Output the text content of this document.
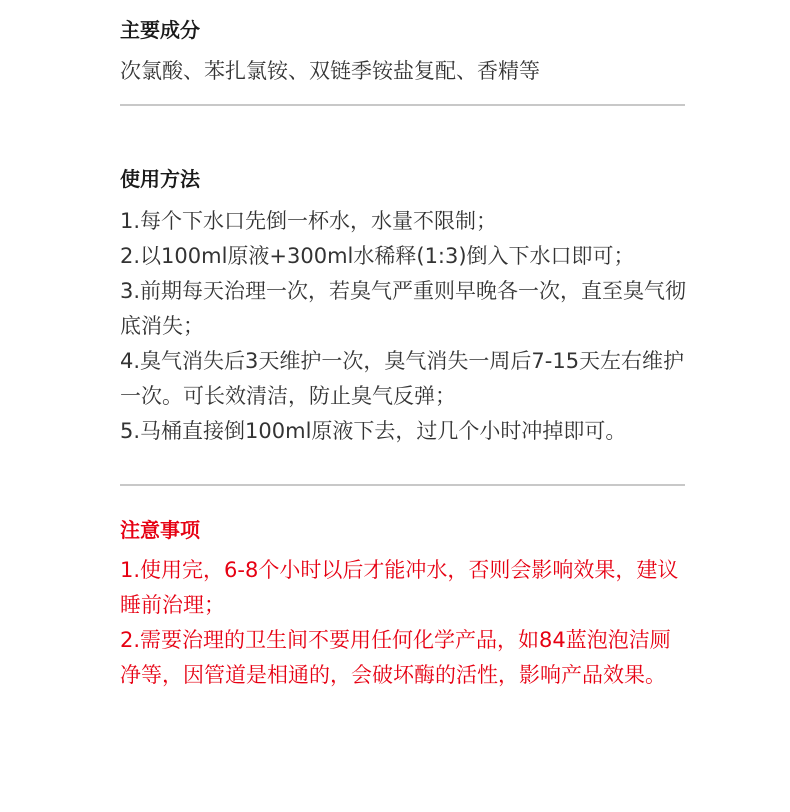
主要成分

次氯酸、苯扎氯铵、双链季铵盐复配、香精等

使用方法
1.每个下水口先倒一杯水，水量不限制；
2.以100ml原液+300ml水稀释(1:3)倒入下水口即可；
3.前期每天治理一次，若臭气严重则早晚各一次，直至臭气彻底消失；
4.臭气消失后3天维护一次，臭气消失一周后7-15天左右维护一次。可长效清洁，防止臭气反弹；
5.马桶直接倒100ml原液下去，过几个小时冲掉即可。
注意事项
1.使用完，6-8个小时以后才能冲水，否则会影响效果，建议睡前治理；
2.需要治理的卫生间不要用任何化学产品，如84蓝泡泡洁厕净等，因管道是相通的，会破坏酶的活性，影响产品效果。
